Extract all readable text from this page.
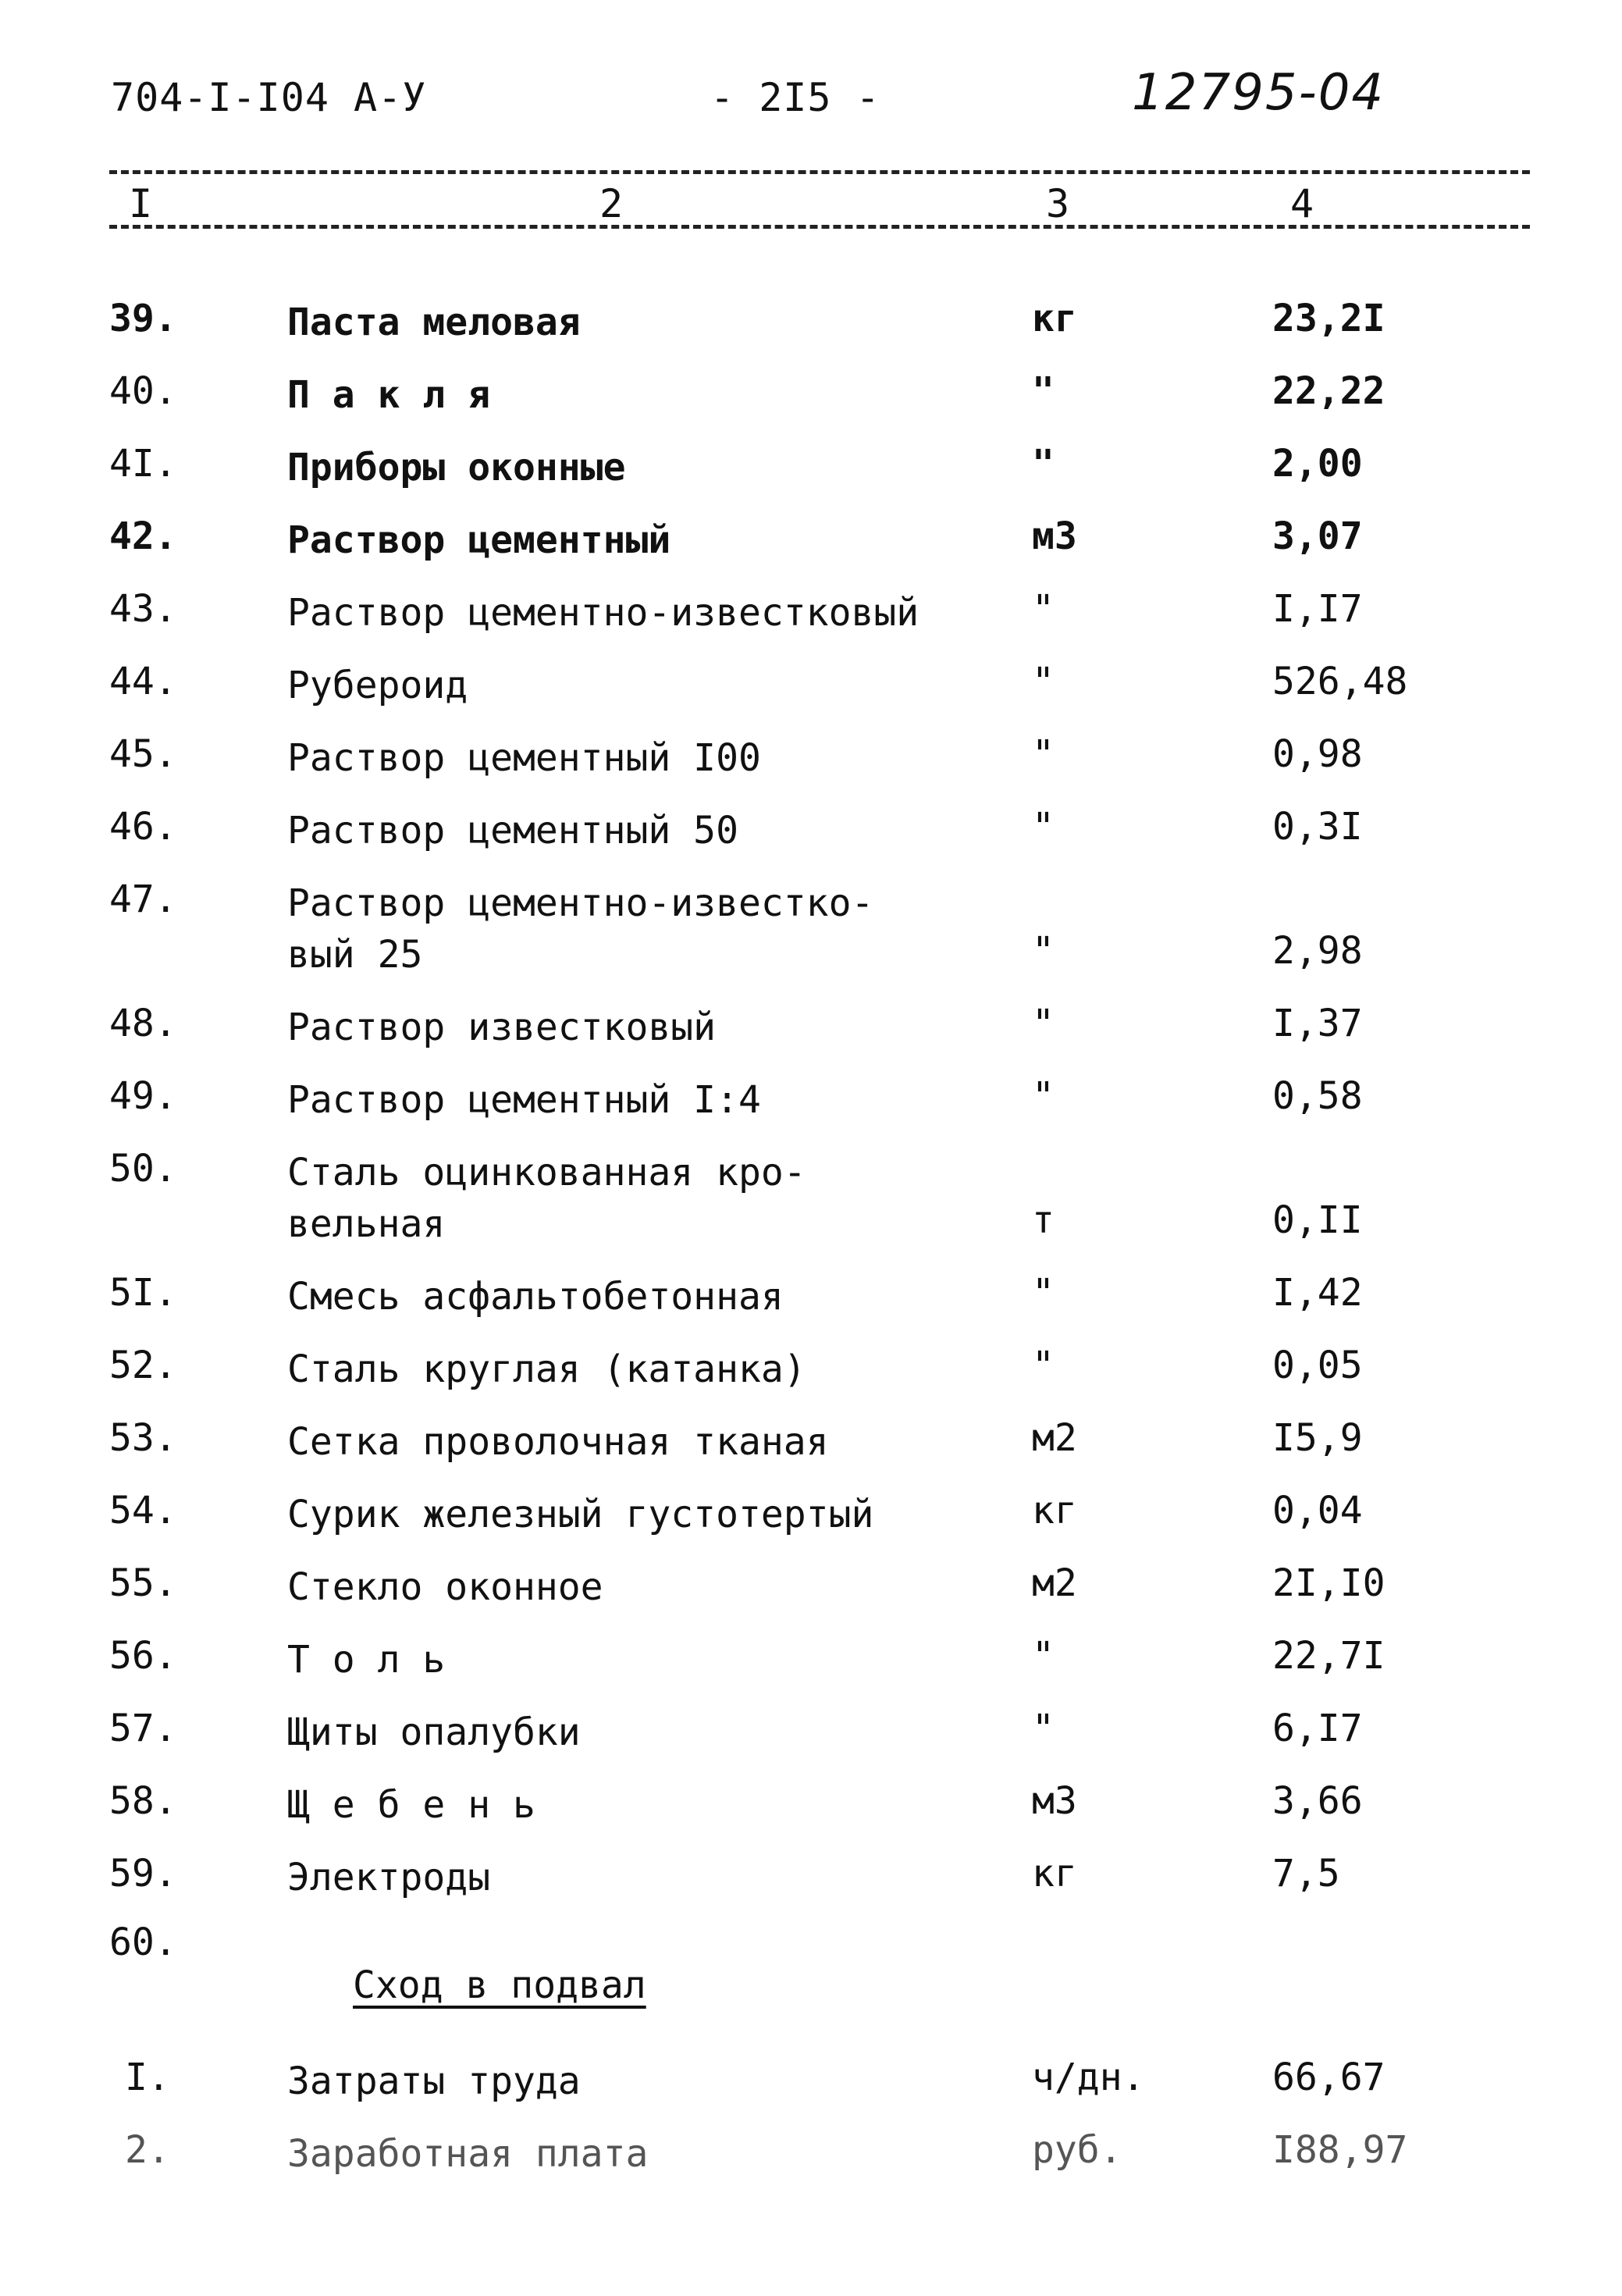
704-I-I04 А-У	- 2I5 -	12795-04
I	2	3	4
39.	Паста меловая	кг	23,2I
40.	П а к л я	"	22,22
4I.	Приборы оконные	"	2,00
42.	Раствор цементный	м3	3,07
43.	Раствор цементно-известковый	"	I,I7
44.	Рубероид	"	526,48
45.	Раствор цементный I00	"	0,98
46.	Раствор цементный 50	"	0,3I
47.	Раствор цементно-известко-
вый 25	"	2,98
48.	Раствор известковый	"	I,37
49.	Раствор цементный I:4	"	0,58
50.	Сталь оцинкованная кро-
вельная	т	0,II
5I.	Смесь асфальтобетонная	"	I,42
52.	Сталь круглая (катанка)	"	0,05
53.	Сетка проволочная тканая	м2	I5,9
54.	Сурик железный густотертый	кг	0,04
55.	Стекло оконное	м2	2I,I0
56.	Т о л ь	"	22,7I
57.	Щиты опалубки	"	6,I7
58.	Щ е б е н ь	м3	3,66
59.	Электроды	кг	7,5
60.
Сход в подвал
I.	Затраты труда	ч/дн.	66,67
2.	Заработная плата	руб.	I88,97
